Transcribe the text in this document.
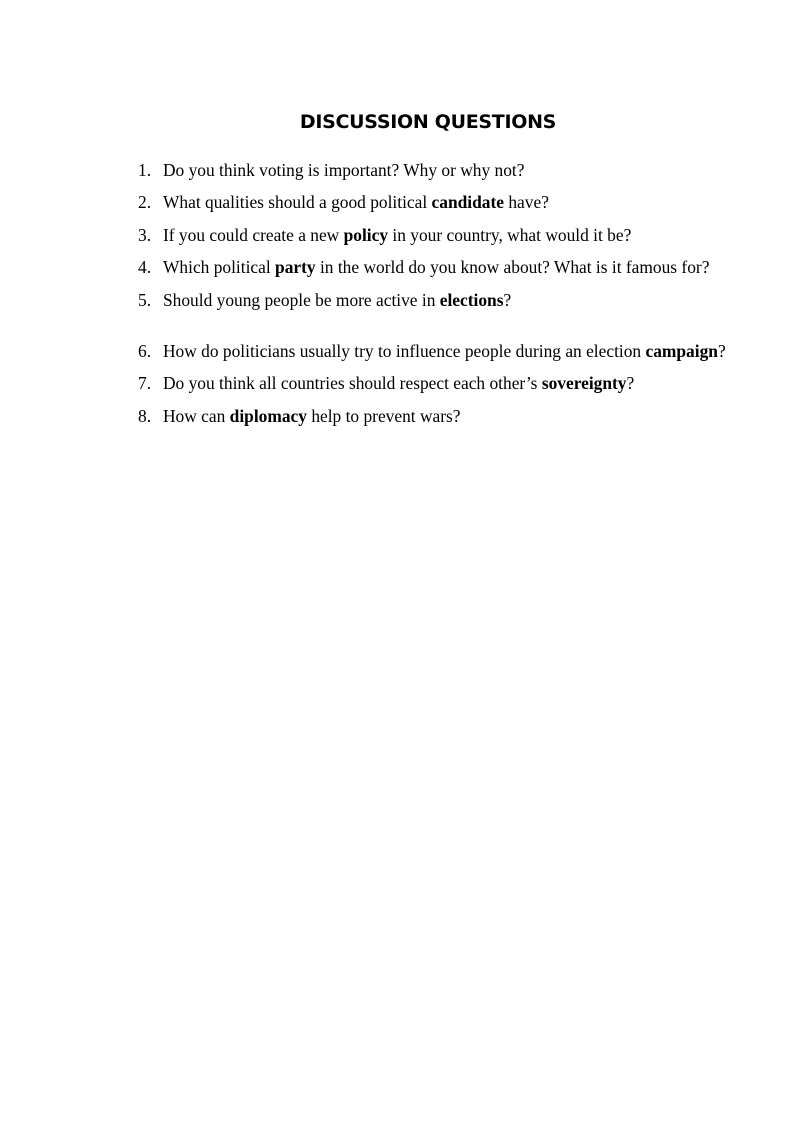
DISCUSSION QUESTIONS
1. Do you think voting is important? Why or why not?
2. What qualities should a good political candidate have?
3. If you could create a new policy in your country, what would it be?
4. Which political party in the world do you know about? What is it famous for?
5. Should young people be more active in elections?
6. How do politicians usually try to influence people during an election campaign?
7. Do you think all countries should respect each other’s sovereignty?
8. How can diplomacy help to prevent wars?
